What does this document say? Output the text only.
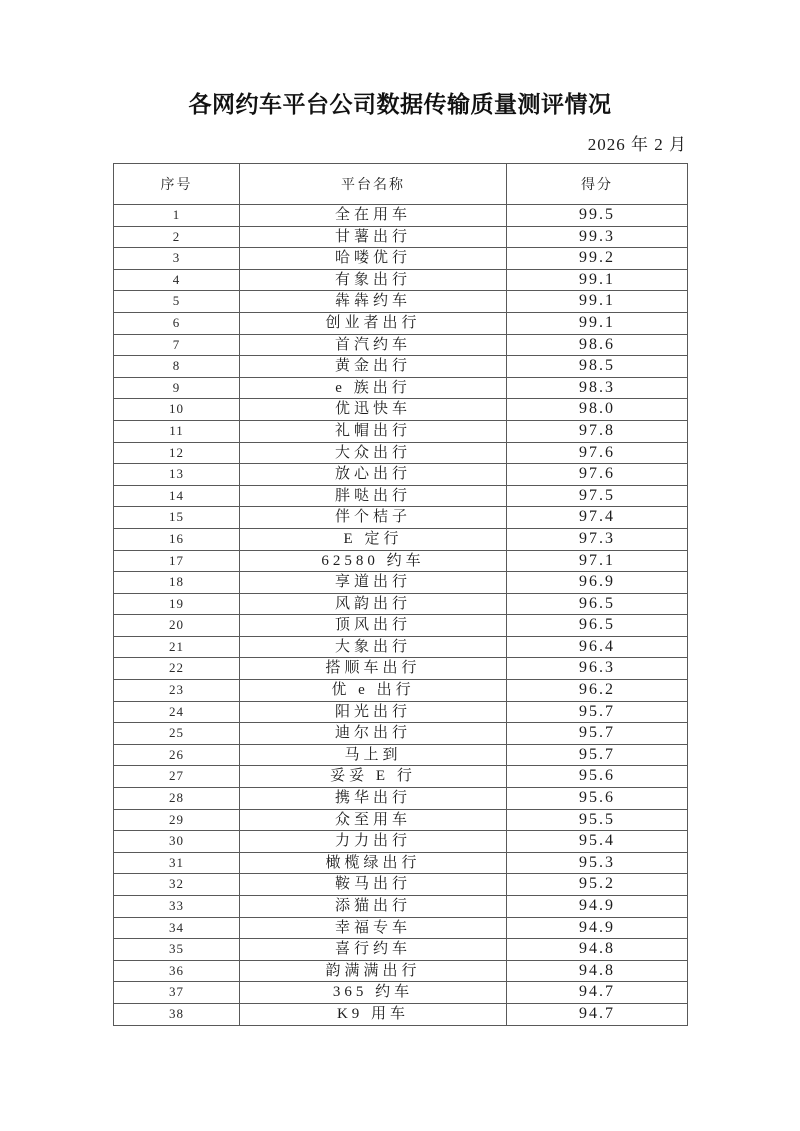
各网约车平台公司数据传输质量测评情况
2026 年 2 月
序号	平台名称	得分
1	全在用车	99.5
2	甘薯出行	99.3
3	哈喽优行	99.2
4	有象出行	99.1
5	犇犇约车	99.1
6	创业者出行	99.1
7	首汽约车	98.6
8	黄金出行	98.5
9	e 族出行	98.3
10	优迅快车	98.0
11	礼帽出行	97.8
12	大众出行	97.6
13	放心出行	97.6
14	胖哒出行	97.5
15	伴个桔子	97.4
16	E 定行	97.3
17	62580 约车	97.1
18	享道出行	96.9
19	风韵出行	96.5
20	顶风出行	96.5
21	大象出行	96.4
22	搭顺车出行	96.3
23	优 e 出行	96.2
24	阳光出行	95.7
25	迪尔出行	95.7
26	马上到	95.7
27	妥妥 E 行	95.6
28	携华出行	95.6
29	众至用车	95.5
30	力力出行	95.4
31	橄榄绿出行	95.3
32	鞍马出行	95.2
33	添猫出行	94.9
34	幸福专车	94.9
35	喜行约车	94.8
36	韵满满出行	94.8
37	365 约车	94.7
38	K9 用车	94.7
